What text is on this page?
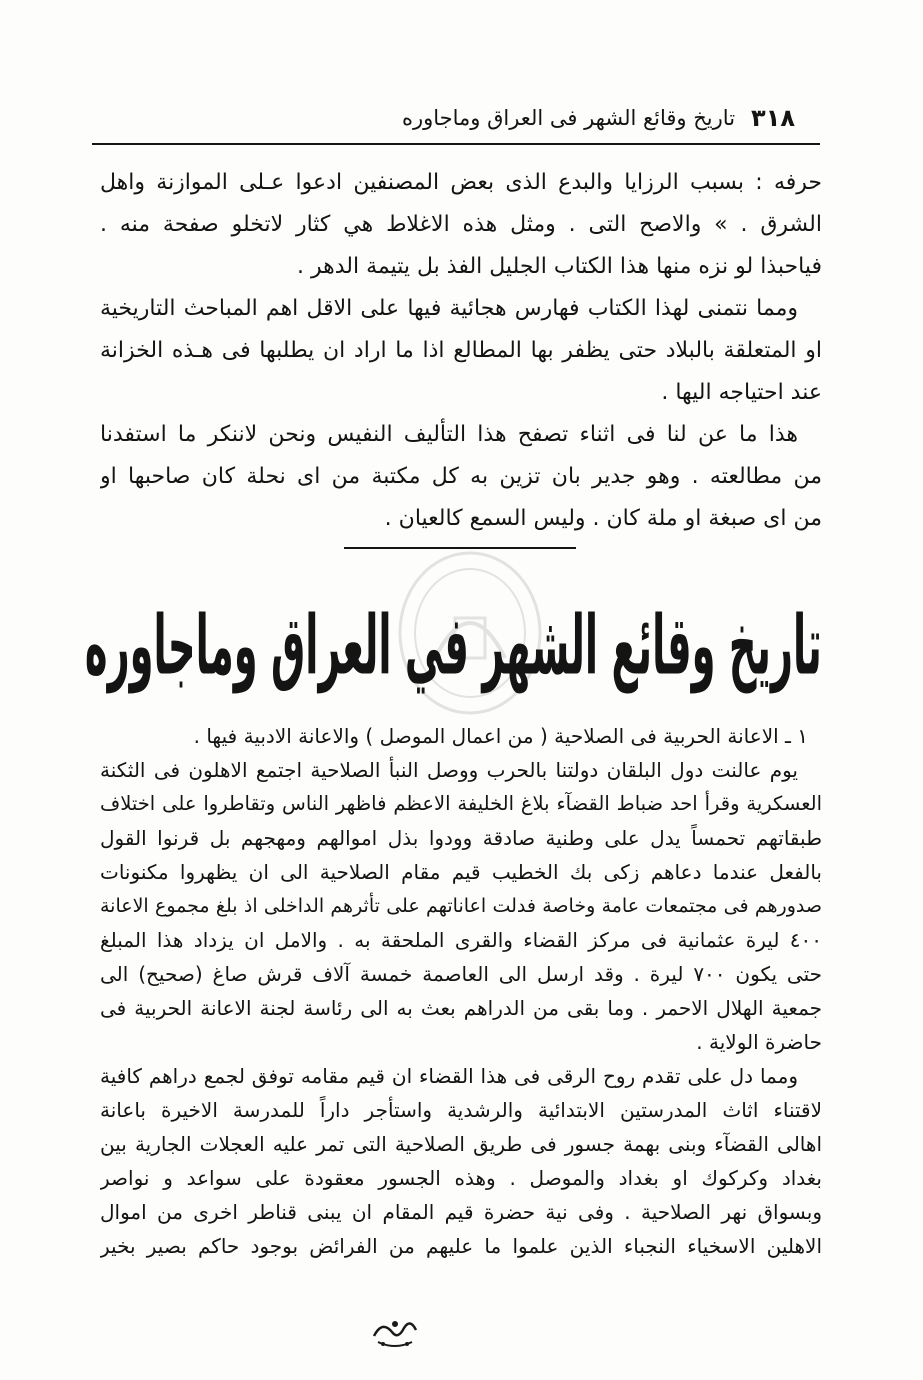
٣١٨
تاريخ وقائع الشهر فى العراق وماجاوره
حرفه : بسبب الرزايا والبدع الذى بعض المصنفين ادعوا عـلى الموازنة واهل
الشرق . » والاصح التى . ومثل هذه الاغلاط هي كثار لاتخلو صفحة منه .
فياحبذا لو نزه منها هذا الكتاب الجليل الفذ بل يتيمة الدهر .
ومما نتمنى لهذا الكتاب فهارس هجائية فيها على الاقل اهم المباحث التاريخية
او المتعلقة بالبلاد حتى يظفر بها المطالع اذا ما اراد ان يطلبها فى هـذه الخزانة
عند احتياجه اليها .
هذا ما عن لنا فى اثناء تصفح هذا التأليف النفيس ونحن لاننكر ما استفدنا
من مطالعته . وهو جدير بان تزين به كل مكتبة من اى نحلة كان صاحبها او
من اى صبغة او ملة كان . وليس السمع كالعيان .
تاريخ وقائع الشهر في العراق وماجاوره
١ ـ الاعانة الحربية فى الصلاحية ( من اعمال الموصل ) والاعانة الادبية فيها .
يوم عالنت دول البلقان دولتنا بالحرب ووصل النبأ الصلاحية اجتمع الاهلون فى الثكنة
العسكرية وقرأ احد ضباط القضآء بلاغ الخليفة الاعظم فاظهر الناس وتقاطروا على اختلاف
طبقاتهم تحمساً يدل على وطنية صادقة وودوا بذل اموالهم ومهجهم بل قرنوا القول
بالفعل عندما دعاهم زكى بك الخطيب قيم مقام الصلاحية الى ان يظهروا مكنونات
صدورهم فى مجتمعات عامة وخاصة فدلت اعاناتهم على تأثرهم الداخلى اذ بلغ مجموع الاعانة
٤٠٠ ليرة عثمانية فى مركز القضاء والقرى الملحقة به . والامل ان يزداد هذا المبلغ
حتى يكون ٧٠٠ ليرة . وقد ارسل الى العاصمة خمسة آلاف قرش صاغ (صحيح) الى
جمعية الهلال الاحمر . وما بقى من الدراهم بعث به الى رئاسة لجنة الاعانة الحربية فى
حاضرة الولاية .
ومما دل على تقدم روح الرقى فى هذا القضاء ان قيم مقامه توفق لجمع دراهم كافية
لاقتناء اثاث المدرستين الابتدائية والرشدية واستأجر داراً للمدرسة الاخيرة باعانة
اهالى القضآء وبنى بهمة جسور فى طريق الصلاحية التى تمر عليه العجلات الجارية بين
بغداد وكركوك او بغداد والموصل . وهذه الجسور معقودة على سواعد و نواصر
وبسواق نهر الصلاحية . وفى نية حضرة قيم المقام ان يبنى قناطر اخرى من اموال
الاهلين الاسخياء النجباء الذين علموا ما عليهم من الفرائض بوجود حاكم بصير بخير
